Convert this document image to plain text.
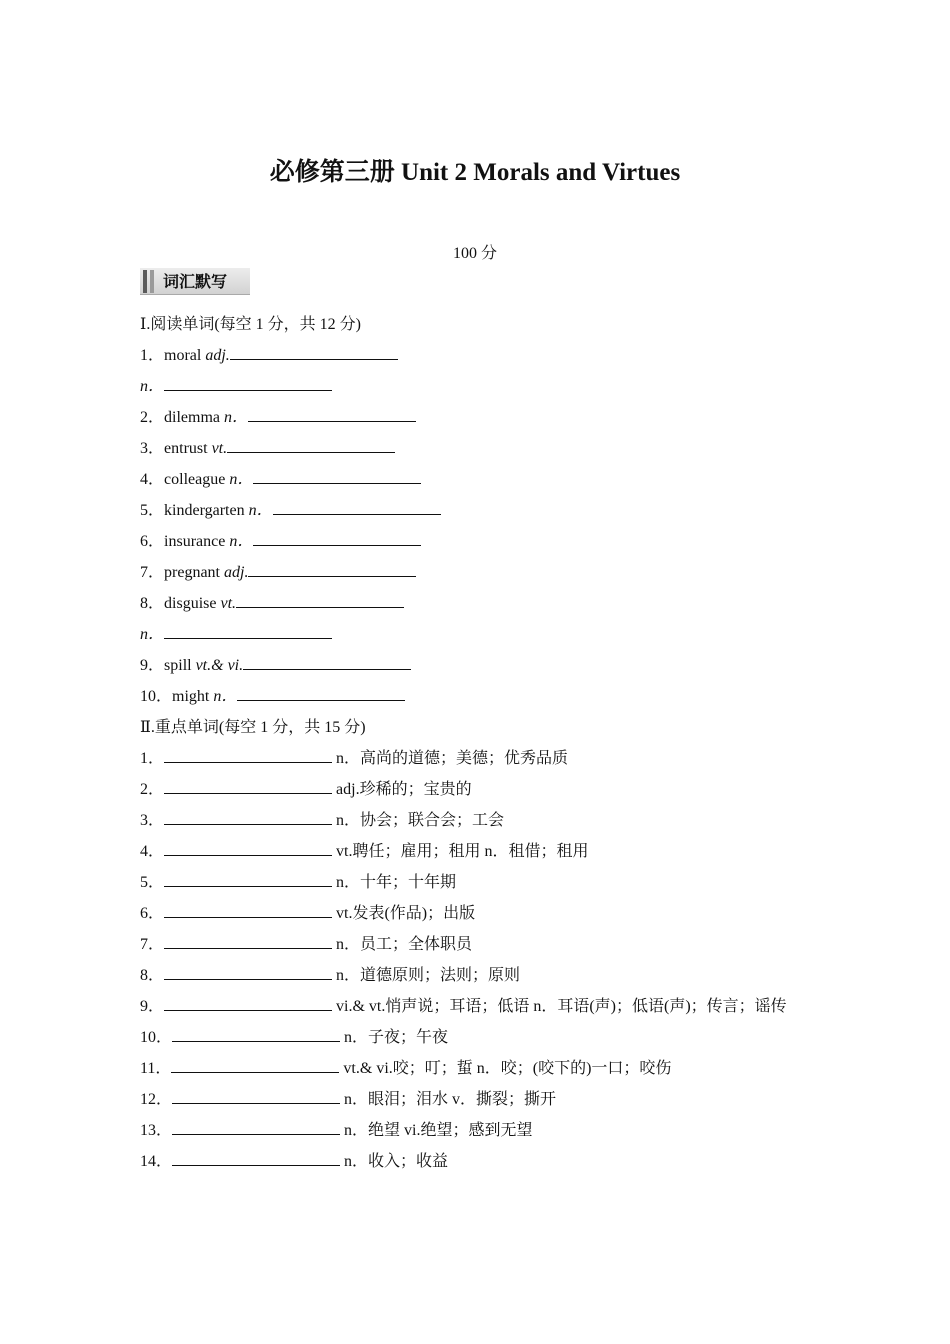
必修第三册 Unit 2 Morals and Virtues
100 分
词汇默写
Ⅰ.阅读单词(每空 1 分，共 12 分)
1．moral adj.
n．
2．dilemma n．
3．entrust vt.
4．colleague n．
5．kindergarten n．
6．insurance n．
7．pregnant adj.
8．disguise vt.
n．
9．spill vt.& vi.
10．might n．
Ⅱ.重点单词(每空 1 分，共 15 分)
1．	n．高尚的道德；美德；优秀品质
2．	adj.珍稀的；宝贵的
3．	n．协会；联合会；工会
4．	vt.聘任；雇用；租用 n．租借；租用
5．	n．十年；十年期
6．	vt.发表(作品)；出版
7．	n．员工；全体职员
8．	n．道德原则；法则；原则
9．	vi.& vt.悄声说；耳语；低语 n．耳语(声)；低语(声)；传言；谣传
10．	n．子夜；午夜
11．	vt.& vi.咬；叮；蜇 n．咬；(咬下的)一口；咬伤
12．	n．眼泪；泪水 v．撕裂；撕开
13．	n．绝望 vi.绝望；感到无望
14．	n．收入；收益
